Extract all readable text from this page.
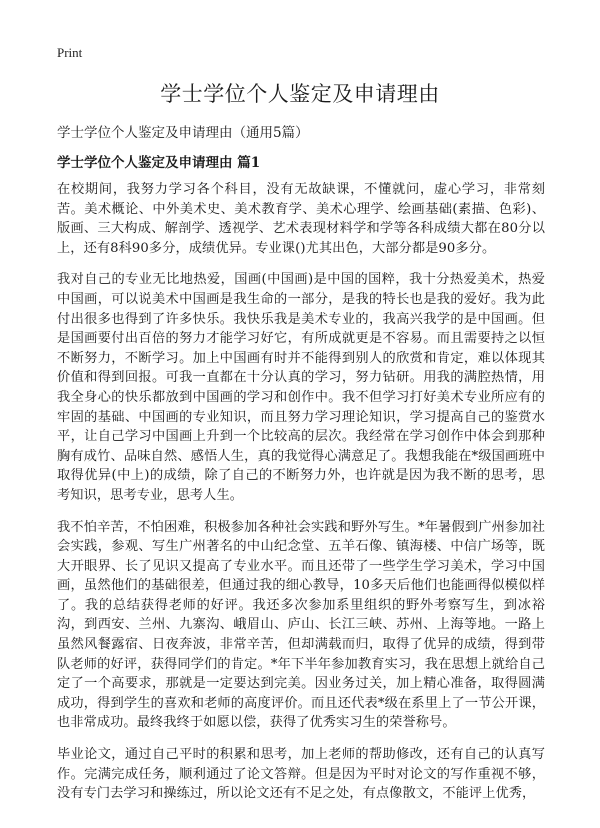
Print
学士学位个人鉴定及申请理由
学士学位个人鉴定及申请理由（通用5篇）
学士学位个人鉴定及申请理由 篇1

在校期间，我努力学习各个科目，没有无故缺课，不懂就问，虚心学习，非常刻苦。美术概论、中外美术史、美术教育学、美术心理学、绘画基础(素描、色彩)、版画、三大构成、解剖学、透视学、艺术表现材料学和学等各科成绩大都在80分以上，还有8科90多分，成绩优异。专业课()尤其出色，大部分都是90多分。

我对自己的专业无比地热爱，国画(中国画)是中国的国粹，我十分热爱美术，热爱中国画，可以说美术中国画是我生命的一部分，是我的特长也是我的爱好。我为此付出很多也得到了许多快乐。我快乐我是美术专业的，我高兴我学的是中国画。但是国画要付出百倍的努力才能学习好它，有所成就更是不容易。而且需要持之以恒不断努力，不断学习。加上中国画有时并不能得到别人的欣赏和肯定，难以体现其价值和得到回报。可我一直都在十分认真的学习，努力钻研。用我的满腔热情，用我全身心的快乐都放到中国画的学习和创作中。我不但学习打好美术专业所应有的牢固的基础、中国画的专业知识，而且努力学习理论知识，学习提高自己的鉴赏水平，让自己学习中国画上升到一个比较高的层次。我经常在学习创作中体会到那种胸有成竹、品味自然、感悟人生，真的我觉得心满意足了。我想我能在*级国画班中取得优异(中上)的成绩，除了自己的不断努力外，也许就是因为我不断的思考，思考知识，思考专业，思考人生。

我不怕辛苦，不怕困难，积极参加各种社会实践和野外写生。*年暑假到广州参加社会实践，参观、写生广州著名的中山纪念堂、五羊石像、镇海楼、中信广场等，既大开眼界、长了见识又提高了专业水平。而且还带了一些学生学习美术，学习中国画，虽然他们的基础很差，但通过我的细心教导，10多天后他们也能画得似模似样了。我的总结获得老师的好评。我还多次参加系里组织的野外考察写生，到冰裕沟，到西安、兰州、九寨沟、峨眉山、庐山、长江三峡、苏州、上海等地。一路上虽然风餐露宿、日夜奔波，非常辛苦，但却满载而归，取得了优异的成绩，得到带队老师的好评，获得同学们的肯定。*年下半年参加教育实习，我在思想上就给自己定了一个高要求，那就是一定要达到完美。因业务过关，加上精心准备，取得圆满成功，得到学生的喜欢和老师的高度评价。而且还代表*级在系里上了一节公开课，也非常成功。最终我终于如愿以偿，获得了优秀实习生的荣誉称号。

毕业论文，通过自己平时的积累和思考，加上老师的帮助修改，还有自己的认真写作。完满完成任务，顺利通过了论文答辩。但是因为平时对论文的写作重视不够，没有专门去学习和操练过，所以论文还有不足之处，有点像散文，不能评上优秀，
